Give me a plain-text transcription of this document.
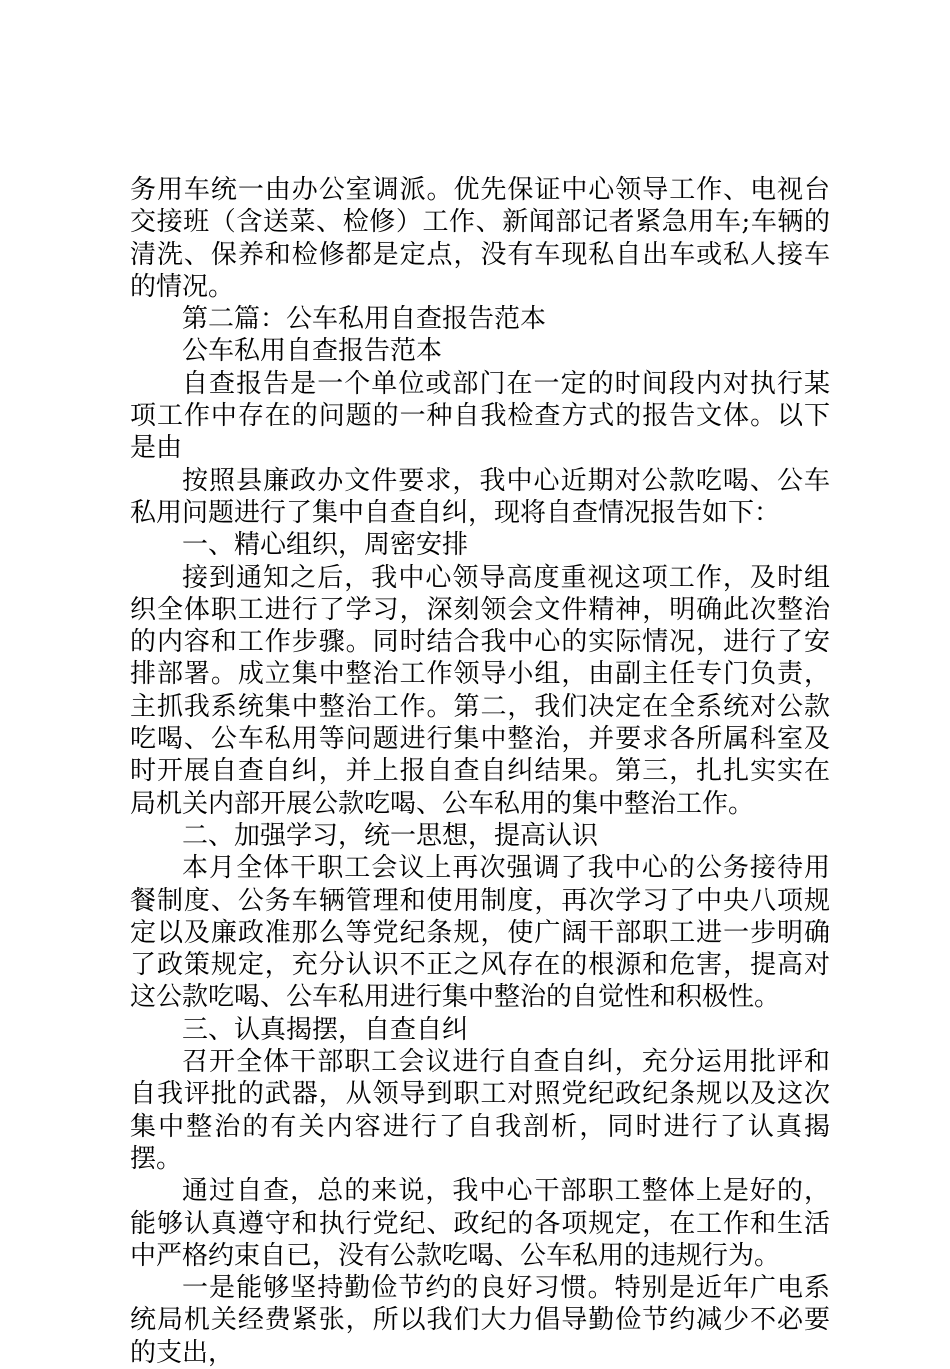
务用车统一由办公室调派。优先保证中心领导工作、电视台交接班（含送菜、检修）工作、新闻部记者紧急用车;车辆的清洗、保养和检修都是定点，没有车现私自出车或私人接车的情况。

第二篇：公车私用自查报告范本

公车私用自查报告范本

自查报告是一个单位或部门在一定的时间段内对执行某项工作中存在的问题的一种自我检查方式的报告文体。以下是由

按照县廉政办文件要求，我中心近期对公款吃喝、公车私用问题进行了集中自查自纠，现将自查情况报告如下：

一、精心组织，周密安排

接到通知之后，我中心领导高度重视这项工作，及时组织全体职工进行了学习，深刻领会文件精神，明确此次整治的内容和工作步骤。同时结合我中心的实际情况，进行了安排部署。成立集中整治工作领导小组，由副主任专门负责，主抓我系统集中整治工作。第二，我们决定在全系统对公款吃喝、公车私用等问题进行集中整治，并要求各所属科室及时开展自查自纠，并上报自查自纠结果。第三，扎扎实实在局机关内部开展公款吃喝、公车私用的集中整治工作。

二、加强学习，统一思想，提高认识

本月全体干职工会议上再次强调了我中心的公务接待用餐制度、公务车辆管理和使用制度，再次学习了中央八项规定以及廉政准那么等党纪条规，使广阔干部职工进一步明确了政策规定，充分认识不正之风存在的根源和危害，提高对这公款吃喝、公车私用进行集中整治的自觉性和积极性。

三、认真揭摆，自查自纠

召开全体干部职工会议进行自查自纠，充分运用批评和自我评批的武器，从领导到职工对照党纪政纪条规以及这次集中整治的有关内容进行了自我剖析，同时进行了认真揭摆。

通过自查，总的来说，我中心干部职工整体上是好的，能够认真遵守和执行党纪、政纪的各项规定，在工作和生活中严格约束自已，没有公款吃喝、公车私用的违规行为。

一是能够坚持勤俭节约的良好习惯。特别是近年广电系统局机关经费紧张，所以我们大力倡导勤俭节约减少不必要的支出，
